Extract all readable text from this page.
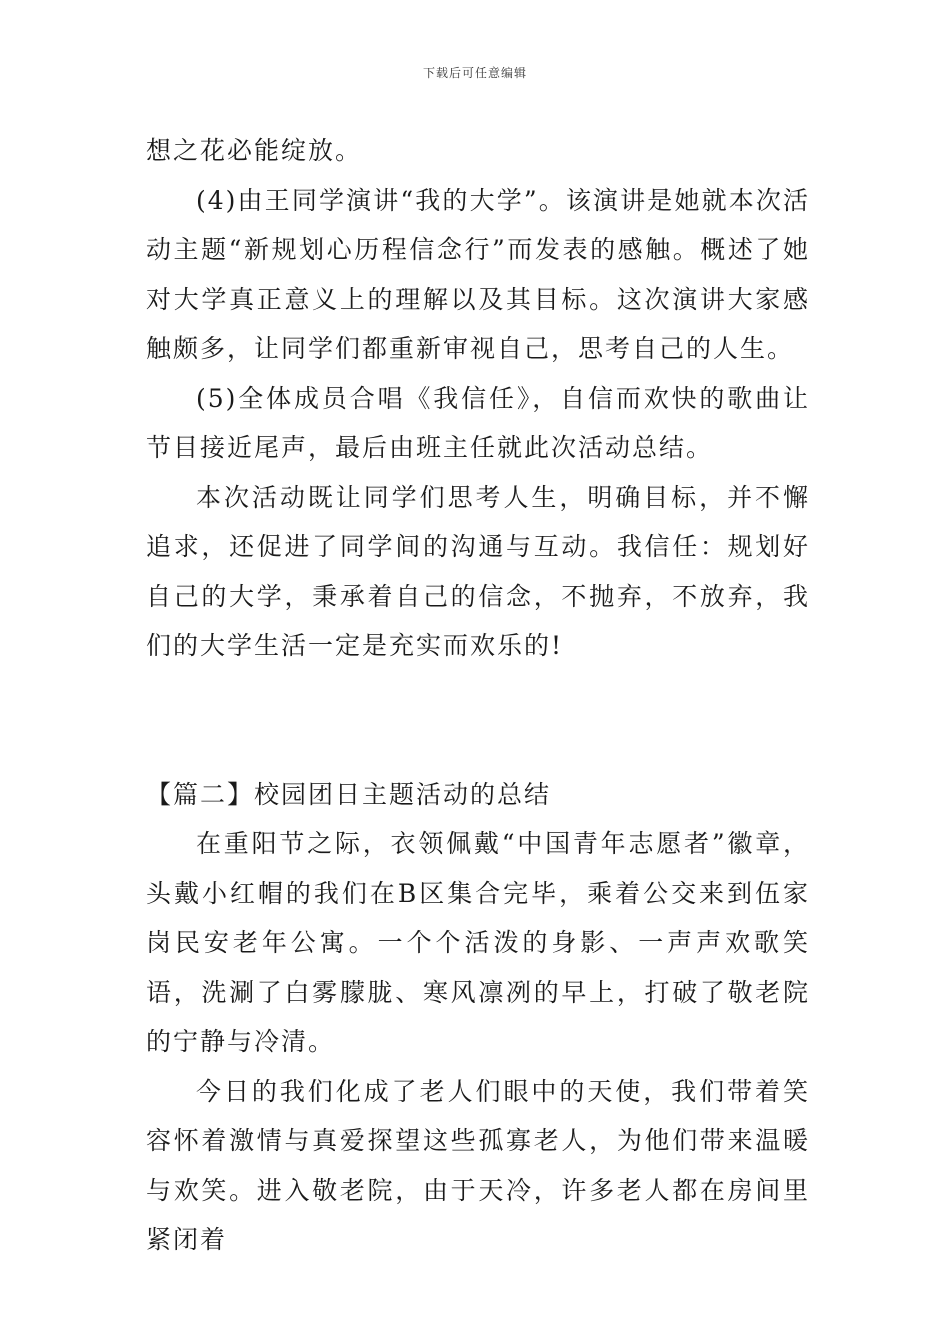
下载后可任意编辑

想之花必能绽放。

(4)由王同学演讲“我的大学”。该演讲是她就本次活动主题“新规划心历程信念行”而发表的感触。概述了她对大学真正意义上的理解以及其目标。这次演讲大家感触颇多，让同学们都重新审视自己，思考自己的人生。

(5)全体成员合唱《我信任》，自信而欢快的歌曲让节目接近尾声，最后由班主任就此次活动总结。

本次活动既让同学们思考人生，明确目标，并不懈追求，还促进了同学间的沟通与互动。我信任：规划好自己的大学，秉承着自己的信念，不抛弃，不放弃，我们的大学生活一定是充实而欢乐的!

【篇二】校园团日主题活动的总结

在重阳节之际，衣领佩戴“中国青年志愿者”徽章，头戴小红帽的我们在B区集合完毕，乘着公交来到伍家岗民安老年公寓。一个个活泼的身影、一声声欢歌笑语，洗涮了白雾朦胧、寒风凛冽的早上，打破了敬老院的宁静与冷清。

今日的我们化成了老人们眼中的天使，我们带着笑容怀着激情与真爱探望这些孤寡老人，为他们带来温暖与欢笑。进入敬老院，由于天冷，许多老人都在房间里紧闭着
